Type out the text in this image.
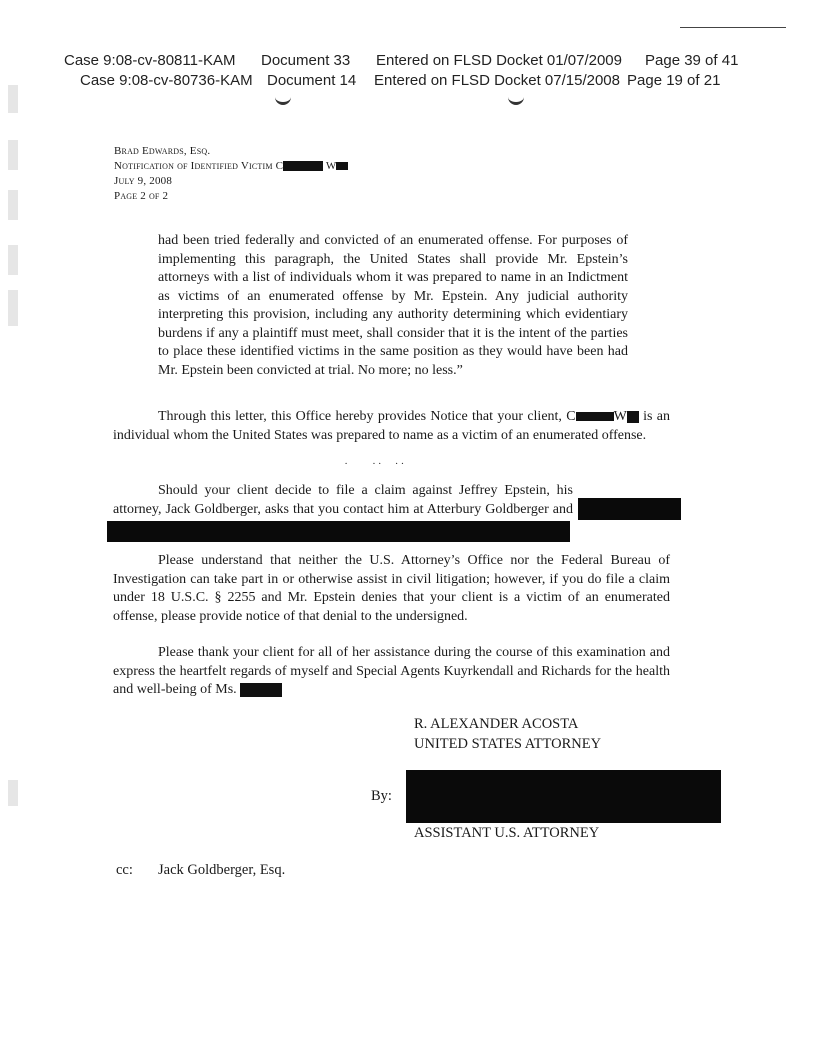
Case 9:08-cv-80811-KAM Document 33 Entered on FLSD Docket 01/07/2009 Page 39 of 41
Case 9:08-cv-80736-KAM Document 14 Entered on FLSD Docket 07/15/2008 Page 19 of 21
Brad Edwards, Esq.
Notification of Identified Victim C	W
July 9, 2008
Page 2 of 2

had been tried federally and convicted of an enumerated offense. For purposes of implementing this paragraph, the United States shall provide Mr. Epstein’s attorneys with a list of individuals whom it was prepared to name in an Indictment as victims of an enumerated offense by Mr. Epstein. Any judicial authority interpreting this provision, including any authority determining which evidentiary burdens if any a plaintiff must meet, shall consider that it is the intent of the parties to place these identified victims in the same position as they would have been had Mr. Epstein been convicted at trial. No more; no less.”

Through this letter, this Office hereby provides Notice that your client, C	W is an individual whom the United States was prepared to name as a victim of an enumerated offense.

 ·   · ·  · ·

Should your client decide to file a claim against Jeffrey Epstein, his attorney, Jack Goldberger, asks that you contact him at Atterbury Goldberger and

Please understand that neither the U.S. Attorney’s Office nor the Federal Bureau of Investigation can take part in or otherwise assist in civil litigation; however, if you do file a claim under 18 U.S.C. § 2255 and Mr. Epstein denies that your client is a victim of an enumerated offense, please provide notice of that denial to the undersigned.

Please thank your client for all of her assistance during the course of this examination and express the heartfelt regards of myself and Special Agents Kuyrkendall and Richards for the health and well-being of Ms.

R. ALEXANDER ACOSTA
UNITED STATES ATTORNEY
By:
ASSISTANT U.S. ATTORNEY
cc: Jack Goldberger, Esq.
